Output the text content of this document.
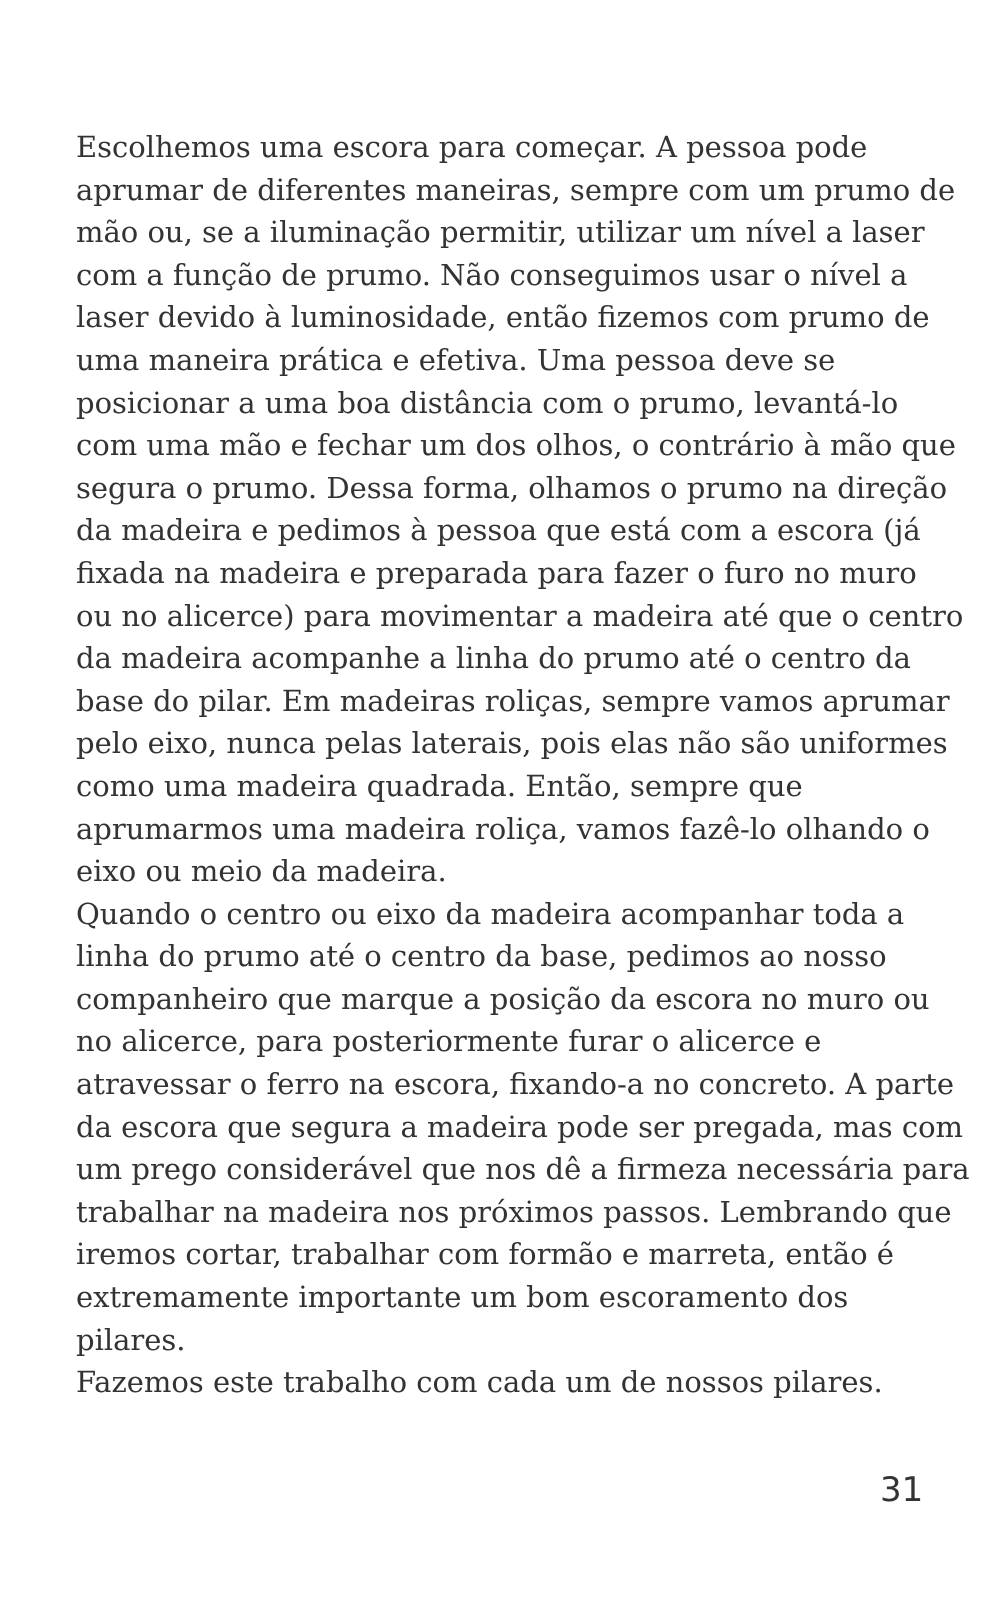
Escolhemos uma escora para começar. A pessoa pode
aprumar de diferentes maneiras, sempre com um prumo de
mão ou, se a iluminação permitir, utilizar um nível a laser
com a função de prumo. Não conseguimos usar o nível a
laser devido à luminosidade, então fizemos com prumo de
uma maneira prática e efetiva. Uma pessoa deve se
posicionar a uma boa distância com o prumo, levantá-lo
com uma mão e fechar um dos olhos, o contrário à mão que
segura o prumo. Dessa forma, olhamos o prumo na direção
da madeira e pedimos à pessoa que está com a escora (já
fixada na madeira e preparada para fazer o furo no muro
ou no alicerce) para movimentar a madeira até que o centro
da madeira acompanhe a linha do prumo até o centro da
base do pilar. Em madeiras roliças, sempre vamos aprumar
pelo eixo, nunca pelas laterais, pois elas não são uniformes
como uma madeira quadrada. Então, sempre que
aprumarmos uma madeira roliça, vamos fazê-lo olhando o
eixo ou meio da madeira.
Quando o centro ou eixo da madeira acompanhar toda a
linha do prumo até o centro da base, pedimos ao nosso
companheiro que marque a posição da escora no muro ou
no alicerce, para posteriormente furar o alicerce e
atravessar o ferro na escora, fixando-a no concreto. A parte
da escora que segura a madeira pode ser pregada, mas com
um prego considerável que nos dê a firmeza necessária para
trabalhar na madeira nos próximos passos. Lembrando que
iremos cortar, trabalhar com formão e marreta, então é
extremamente importante um bom escoramento dos
pilares.
Fazemos este trabalho com cada um de nossos pilares.
31
